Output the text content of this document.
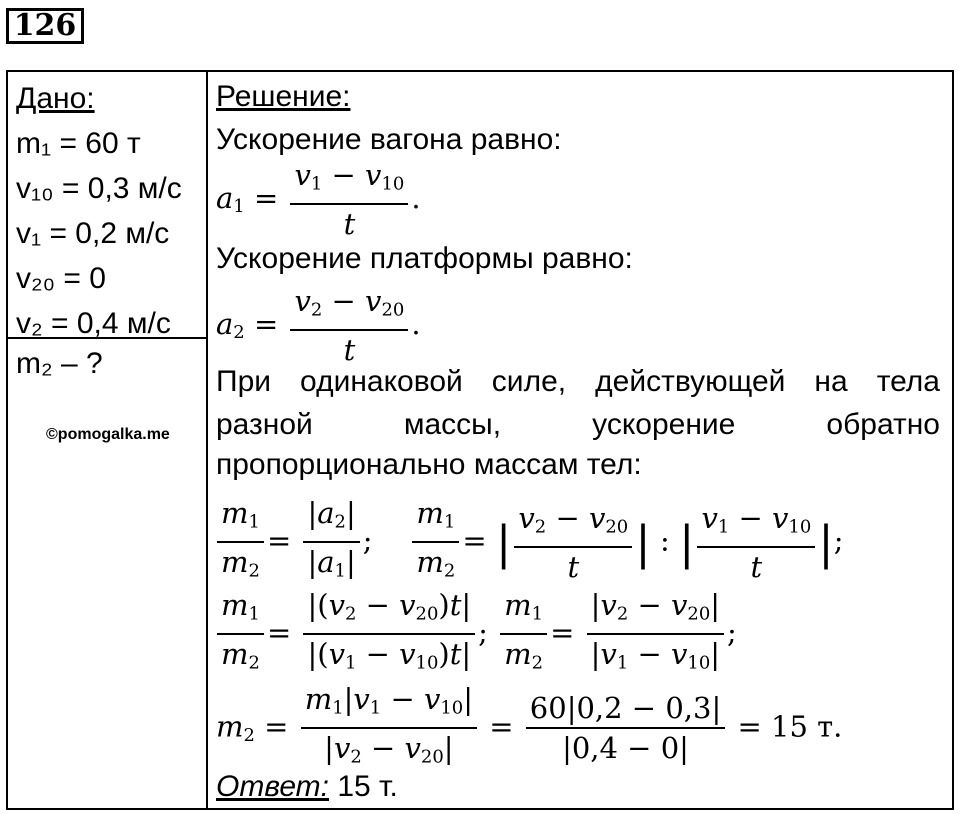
126
Дано:
m₁ = 60 т
v₁₀ = 0,3 м/с
v₁ = 0,2 м/с
v₂₀ = 0
v₂ = 0,4 м/с
m₂ – ?
©pomogalka.me
Решение:
Ускорение вагона равно:
$a_1 = \frac{v_1 - v_{10}}{t}$ .
Ускорение платформы равно:
$a_2 = \frac{v_2 - v_{20}}{t}$ .
При одинаковой силе, действующей на тела разной массы, ускорение обратно
пропорционально массам тел:
$\frac{m_1}{m_2} = \frac{|a_2|}{|a_1|}$ ; $\frac{m_1}{m_2}$ = | $\frac{v_2 - v_{20}}{t}$ | : | $\frac{v_1 - v_{10}}{t}$ |;
$\frac{m_1}{m_2} = \frac{|(v_2 - v_{20})t|}{|(v_1 - v_{10})t|}$ ; $\frac{m_1}{m_2} = \frac{|v_2 - v_{20}|}{|v_1 - v_{10}|}$ ;
$m_2 = \frac{m_1|v_1 - v_{10}|}{|v_2 - v_{20}|} = \frac{60|0,2 - 0,3|}{|0,4 - 0|} = 15$ т.
Ответ: 15 т.
